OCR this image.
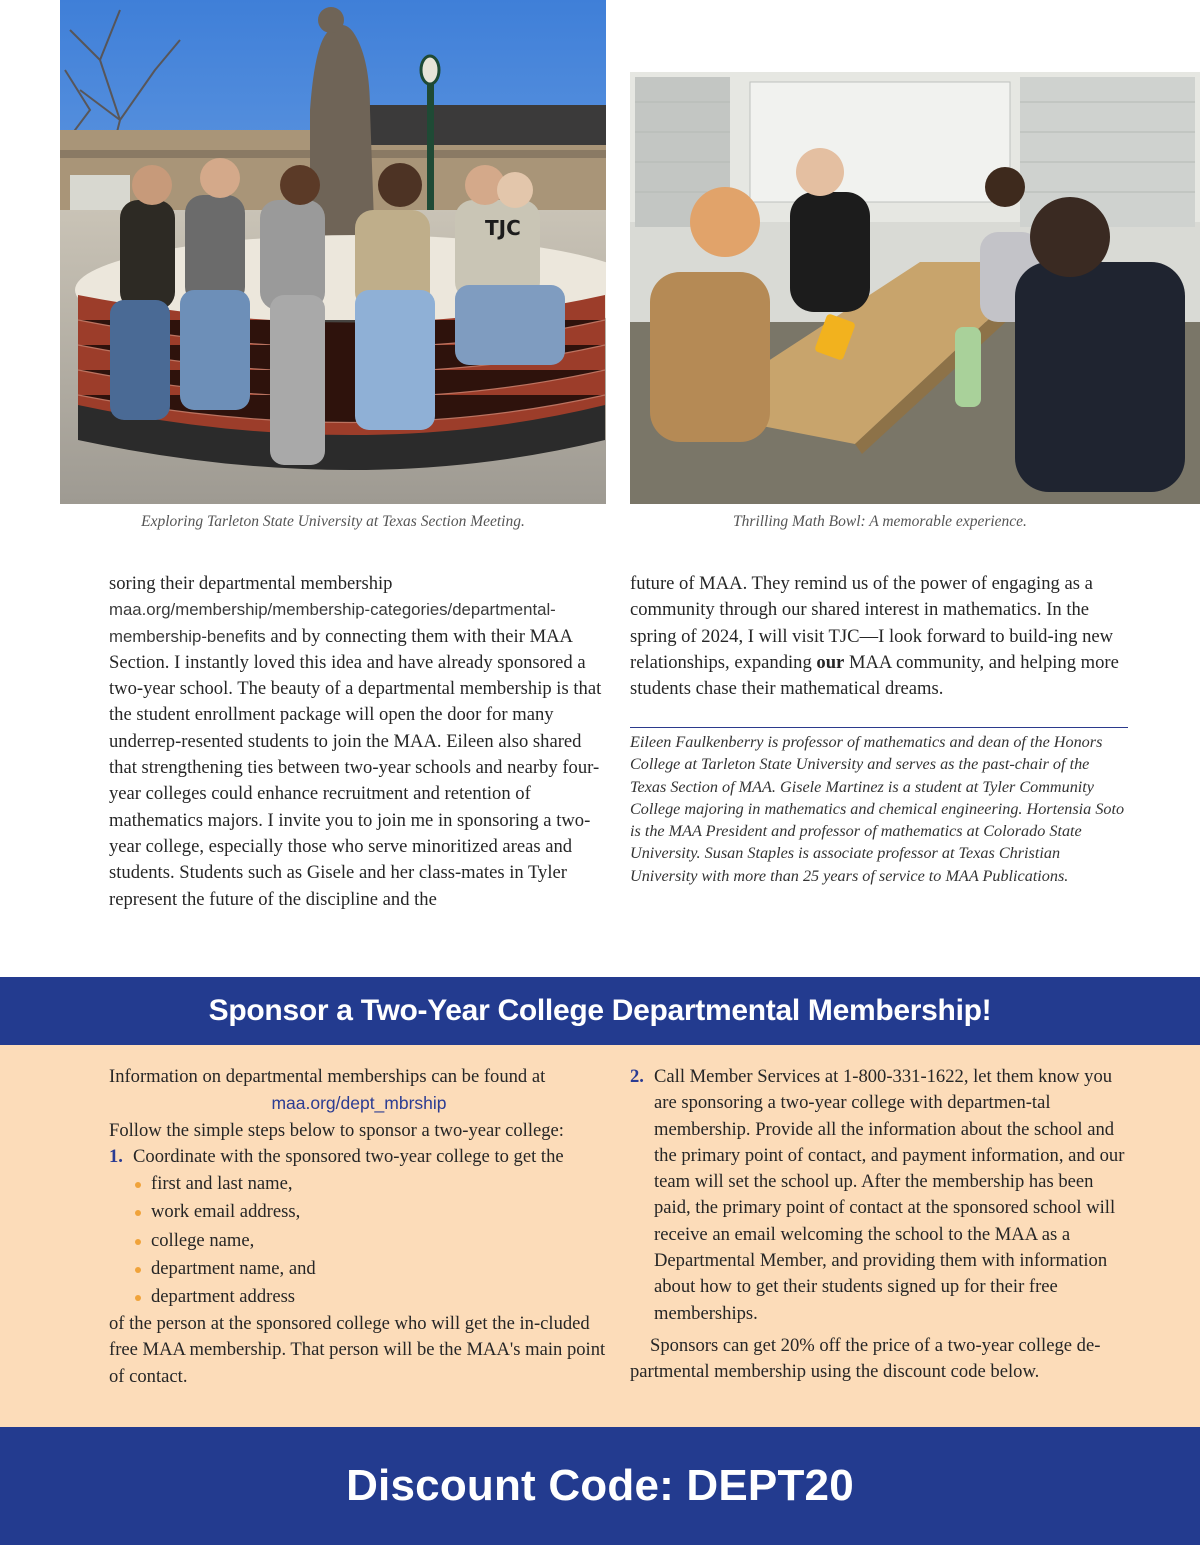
TJC
Exploring Tarleton State University at Texas Section Meeting.	Thrilling Math Bowl: A memorable experience.

soring their departmental membership maa.org/membership/membership-categories/departmental-membership-benefits and by connecting them with their MAA Section. I instantly loved this idea and have already sponsored a two-year school. The beauty of a departmental membership is that the student enrollment package will open the door for many underrep-resented students to join the MAA. Eileen also shared that strengthening ties between two-year schools and nearby four-year colleges could enhance recruitment and retention of mathematics majors. I invite you to join me in sponsoring a two-year college, especially those who serve minoritized areas and students. Students such as Gisele and her class-mates in Tyler represent the future of the discipline and the

future of MAA. They remind us of the power of engaging as a community through our shared interest in mathematics. In the spring of 2024, I will visit TJC—I look forward to build-ing new relationships, expanding our MAA community, and helping more students chase their mathematical dreams.

Eileen Faulkenberry is professor of mathematics and dean of the Honors College at Tarleton State University and serves as the past-chair of the Texas Section of MAA. Gisele Martinez is a student at Tyler Community College majoring in mathematics and chemical engineering. Hortensia Soto is the MAA President and professor of mathematics at Colorado State University. Susan Staples is associate professor at Texas Christian University with more than 25 years of service to MAA Publications.
Sponsor a Two-Year College Departmental Membership!

Information on departmental memberships can be found at

maa.org/dept_mbrship

Follow the simple steps below to sponsor a two-year college:

1. Coordinate with the sponsored two-year college to get the

first and last name,
work email address,
college name,
department name, and
department address

of the person at the sponsored college who will get the in-cluded free MAA membership. That person will be the MAA's main point of contact.

2. Call Member Services at 1-800-331-1622, let them know you are sponsoring a two-year college with departmen-tal membership. Provide all the information about the school and the primary point of contact, and payment information, and our team will set the school up. After the membership has been paid, the primary point of contact at the sponsored school will receive an email welcoming the school to the MAA as a Departmental Member, and providing them with information about how to get their students signed up for their free memberships.

Sponsors can get 20% off the price of a two-year college de-partmental membership using the discount code below.

Discount Code: DEPT20
